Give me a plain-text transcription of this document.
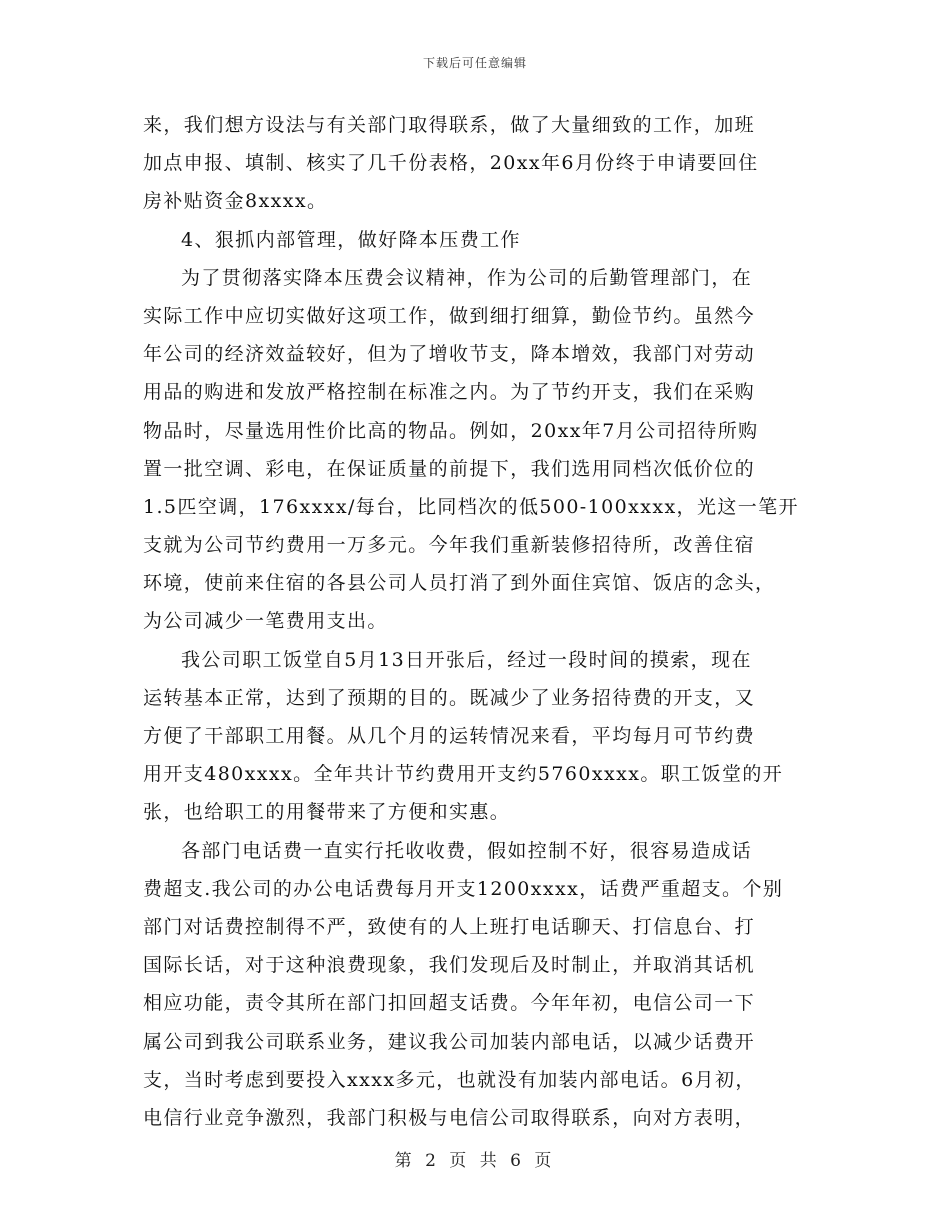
下载后可任意编辑
来，我们想方设法与有关部门取得联系，做了大量细致的工作，加班
加点申报、填制、核实了几千份表格，20xx年6月份终于申请要回住
房补贴资金8xxxx。
4、狠抓内部管理，做好降本压费工作
为了贯彻落实降本压费会议精神，作为公司的后勤管理部门，在
实际工作中应切实做好这项工作，做到细打细算，勤俭节约。虽然今
年公司的经济效益较好，但为了增收节支，降本增效，我部门对劳动
用品的购进和发放严格控制在标准之内。为了节约开支，我们在采购
物品时，尽量选用性价比高的物品。例如，20xx年7月公司招待所购
置一批空调、彩电，在保证质量的前提下，我们选用同档次低价位的
1.5匹空调，176xxxx/每台，比同档次的低500-100xxxx，光这一笔开
支就为公司节约费用一万多元。今年我们重新装修招待所，改善住宿
环境，使前来住宿的各县公司人员打消了到外面住宾馆、饭店的念头，
为公司减少一笔费用支出。
我公司职工饭堂自5月13日开张后，经过一段时间的摸索，现在
运转基本正常，达到了预期的目的。既减少了业务招待费的开支，又
方便了干部职工用餐。从几个月的运转情况来看，平均每月可节约费
用开支480xxxx。全年共计节约费用开支约5760xxxx。职工饭堂的开
张，也给职工的用餐带来了方便和实惠。
各部门电话费一直实行托收收费，假如控制不好，很容易造成话
费超支.我公司的办公电话费每月开支1200xxxx，话费严重超支。个别
部门对话费控制得不严，致使有的人上班打电话聊天、打信息台、打
国际长话，对于这种浪费现象，我们发现后及时制止，并取消其话机
相应功能，责令其所在部门扣回超支话费。今年年初，电信公司一下
属公司到我公司联系业务，建议我公司加装内部电话，以减少话费开
支，当时考虑到要投入xxxx多元，也就没有加装内部电话。6月初，
电信行业竞争激烈，我部门积极与电信公司取得联系，向对方表明，
第 2 页 共 6 页
